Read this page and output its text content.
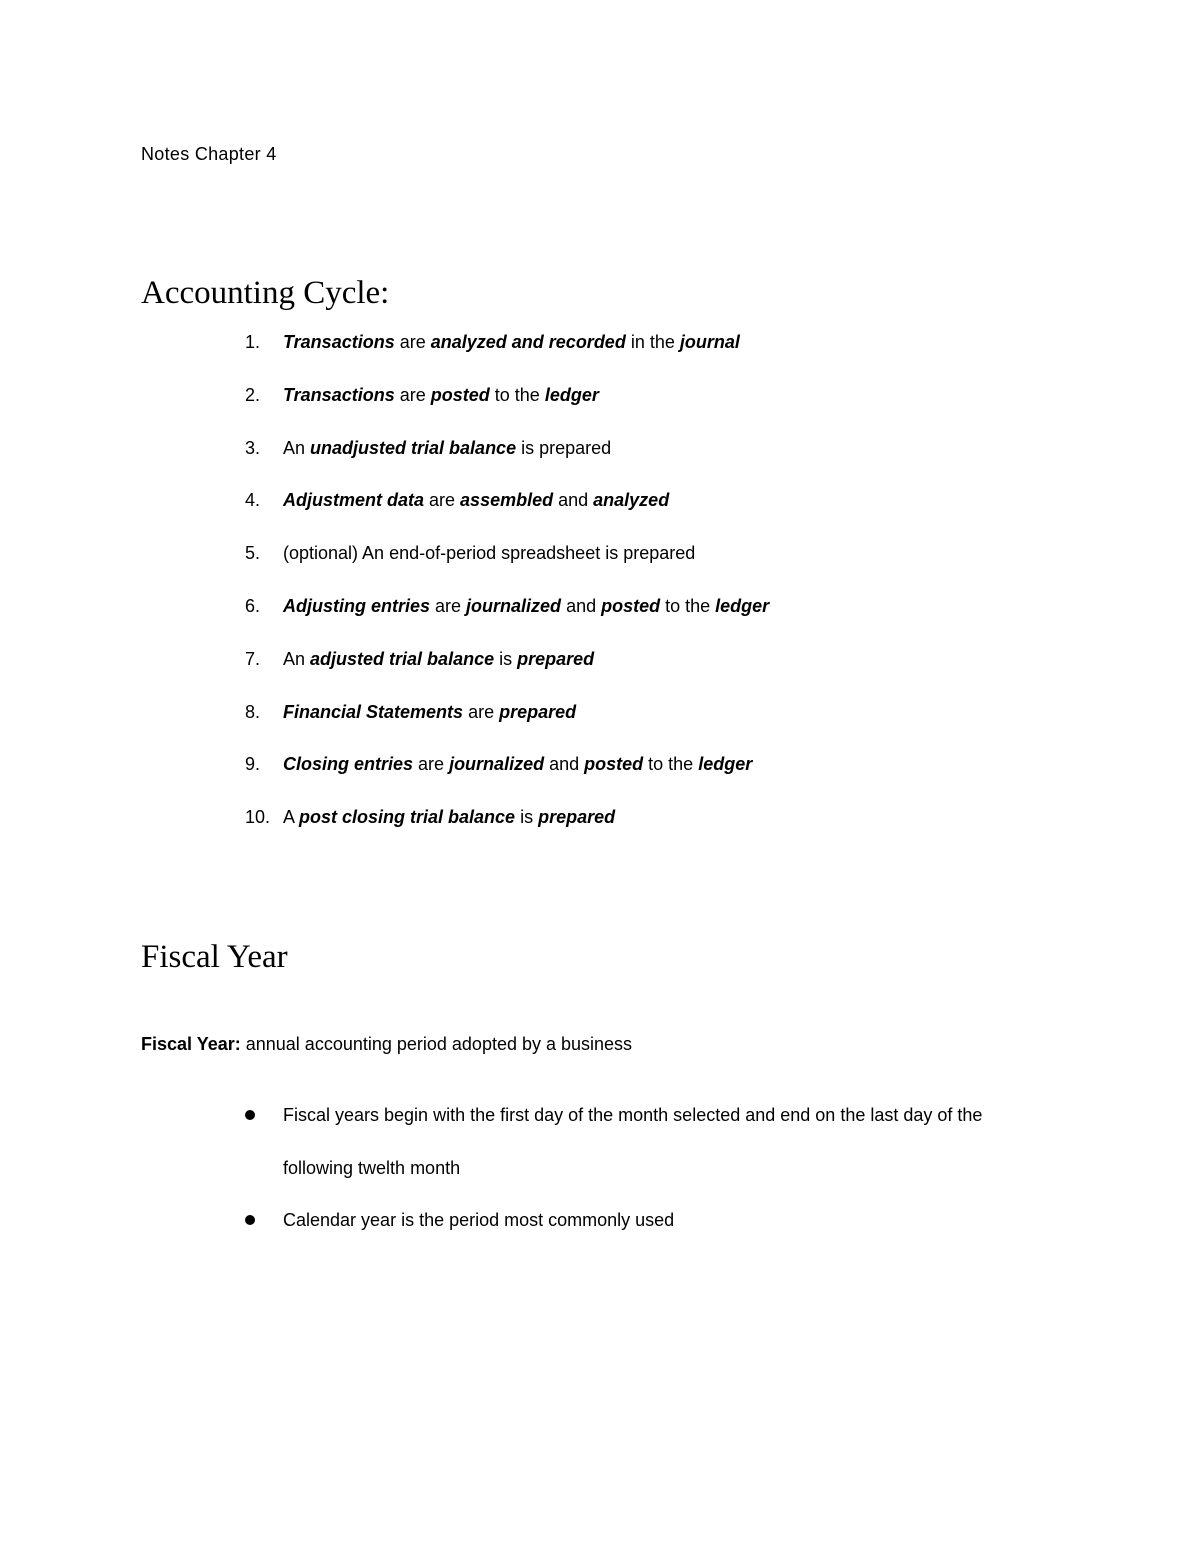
Notes Chapter 4
Accounting Cycle:
1.	Transactions are analyzed and recorded in the journal
2.	Transactions are posted to the ledger
3.	An unadjusted trial balance is prepared
4.	Adjustment data are assembled and analyzed
5.	(optional) An end-of-period spreadsheet is prepared
6.	Adjusting entries are journalized and posted to the ledger
7.	An adjusted trial balance is prepared
8.	Financial Statements are prepared
9.	Closing entries are journalized and posted to the ledger
10. A post closing trial balance is prepared
Fiscal Year
Fiscal Year: annual accounting period adopted by a business
Fiscal years begin with the first day of the month selected and end on the last day of the
following twelth month
Calendar year is the period most commonly used
